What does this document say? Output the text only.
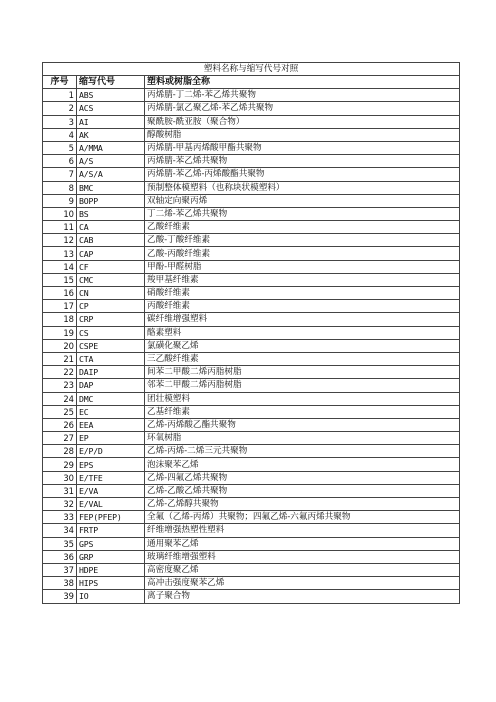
塑料名称与缩写代号对照		
序号	缩写代号	塑料或树脂全称
1	ABS	丙烯腈-丁二烯-苯乙烯共聚物
2	ACS	丙烯腈-氯乙聚乙烯-苯乙烯共聚物
3	AI	聚酰胺-酰亚胺（聚合物）
4	AK	醇酸树脂
5	A/MMA	丙烯腈-甲基丙烯酸甲酯共聚物
6	A/S	丙烯腈-苯乙烯共聚物
7	A/S/A	丙烯腈-苯乙烯-丙烯酸酯共聚物
8	BMC	预制整体模塑料（也称块状模塑料）
9	BOPP	双轴定向聚丙烯
10	BS	丁二烯-苯乙烯共聚物
11	CA	乙酸纤维素
12	CAB	乙酸-丁酸纤维素
13	CAP	乙酸-丙酸纤维素
14	CF	甲酚-甲醛树脂
15	CMC	羧甲基纤维素
16	CN	硝酸纤维素
17	CP	丙酸纤维素
18	CRP	碳纤维增强塑料
19	CS	酪素塑料
20	CSPE	氯磺化聚乙烯
21	CTA	三乙酸纤维素
22	DAIP	间苯二甲酸二烯丙脂树脂
23	DAP	邻苯二甲酸二烯丙脂树脂
24	DMC	团壮模塑料
25	EC	乙基纤维素
26	EEA	乙烯-丙烯酸乙酯共聚物
27	EP	环氧树脂
28	E/P/D	乙烯-丙烯-二烯三元共聚物
29	EPS	泡沫聚苯乙烯
30	E/TFE	乙烯-四氟乙烯共聚物
31	E/VA	乙烯-乙酸乙烯共聚物
32	E/VAL	乙烯-乙烯醇共聚物
33	FEP(PFEP)	全氟（乙烯-丙烯）共聚物；四氟乙烯-六氟丙烯共聚物
34	FRTP	纤维增强热塑性塑料
35	GPS	通用聚苯乙烯
36	GRP	玻璃纤维增强塑料
37	HDPE	高密度聚乙烯
38	HIPS	高冲击强度聚苯乙烯
39	IO	离子聚合物
